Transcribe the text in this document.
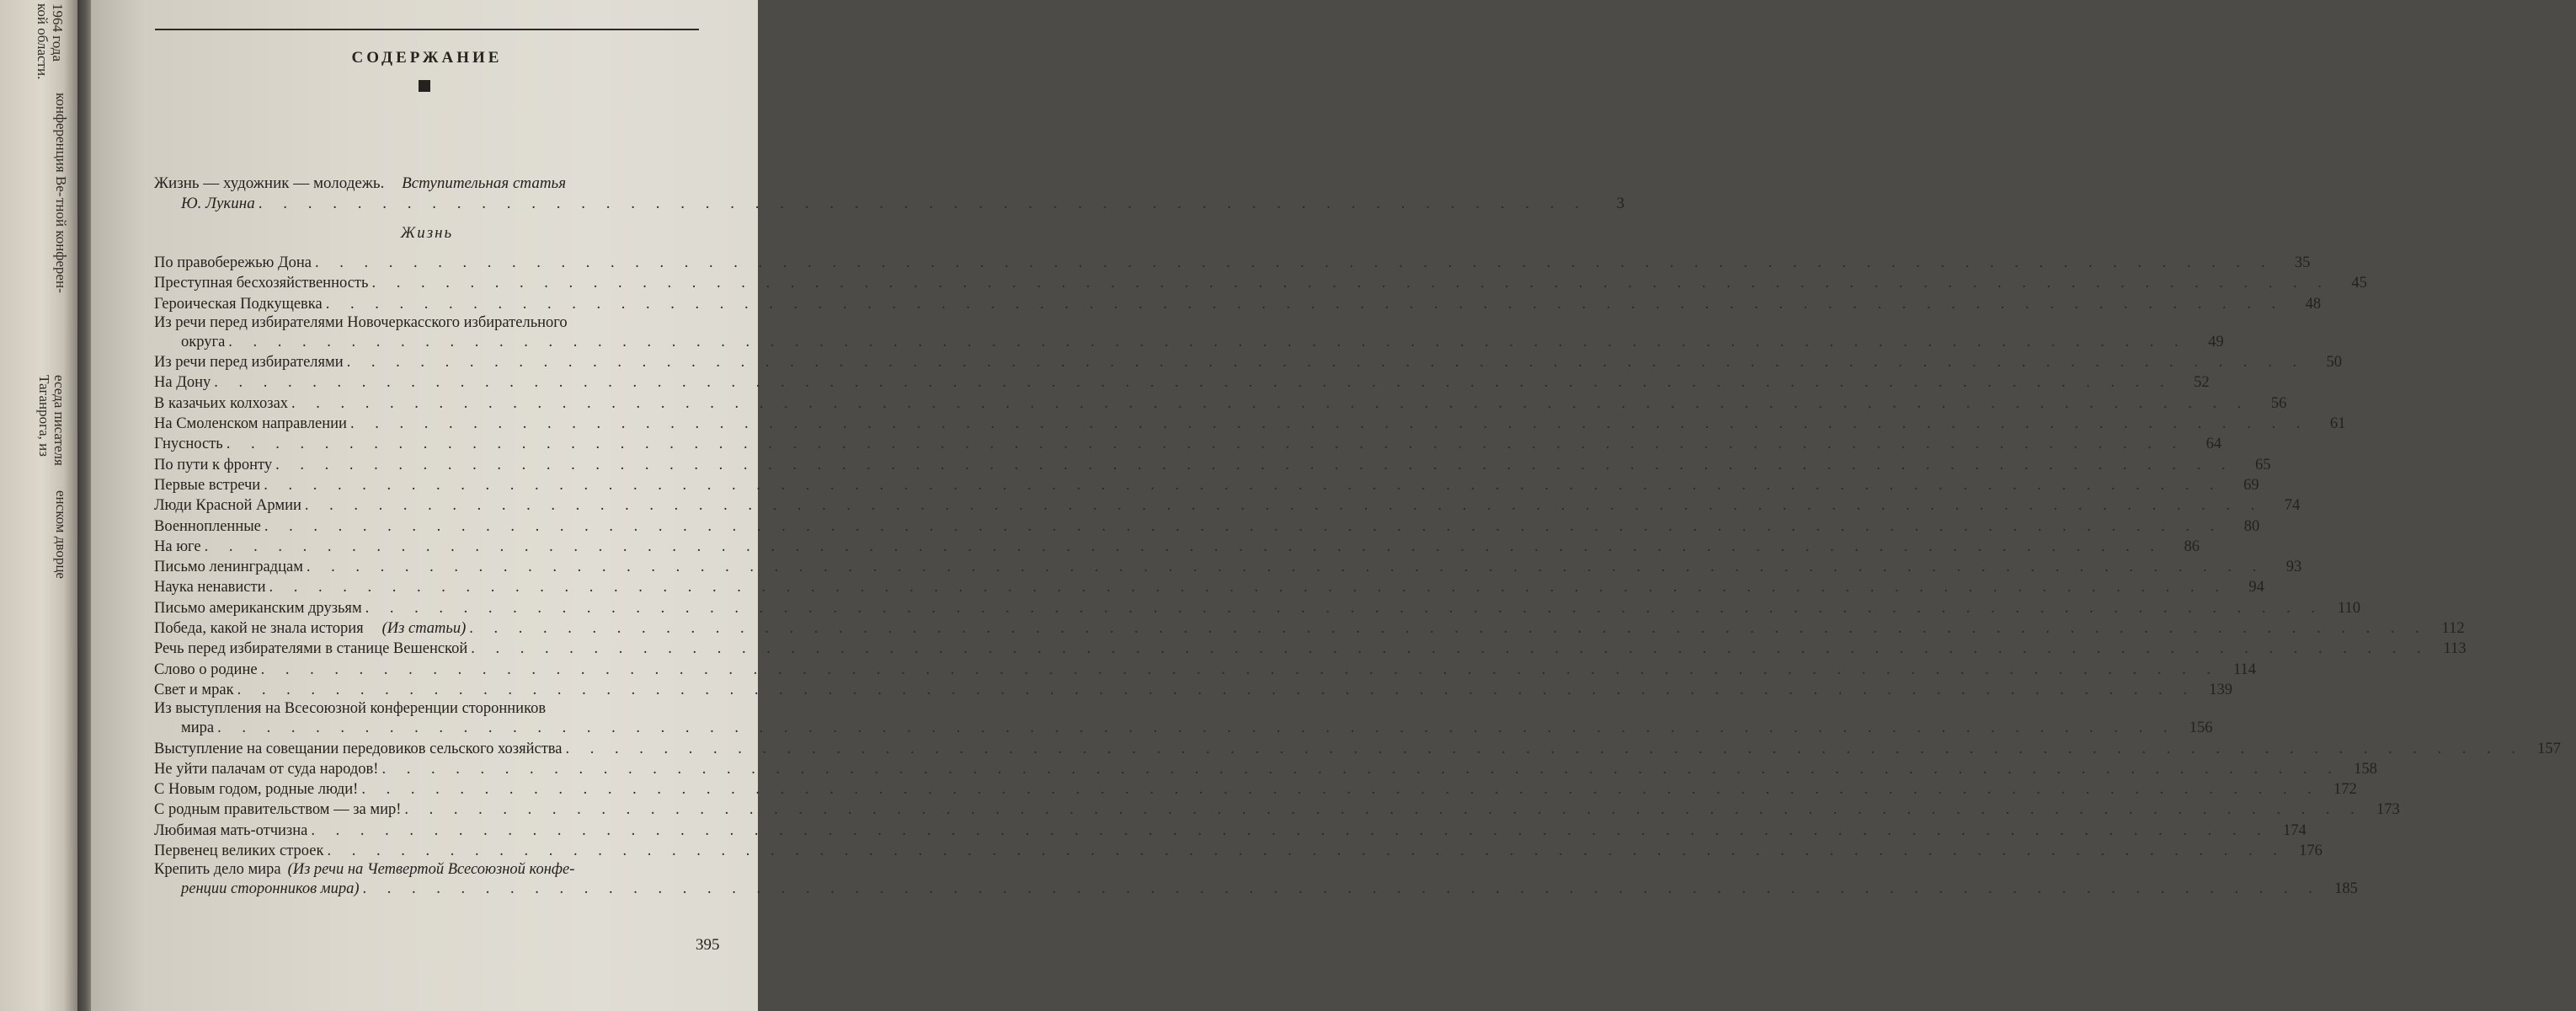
1964 года
кой области.
конференция Ве-
тной конферен-
еседа писателя
Таганрога, из
енском дворце
СОДЕРЖАНИЕ
Жизнь — художник — молодежь. Вступительная статья
Ю. Лукина . . . . . . . . . . . . . . . . . . . . . . . . . . . . . . . . . . . . . . . . . . . . . . . . . . . . . .	3
Жизнь
По правобережью Дона . . . . . . . . . . . . . . . . . . . . . . . . . . . . . . . . . . . . . . . . . . . . . . . . . . . . . . . . . . . . . . . . . . . . . . . . . . . . . . . .	35
Преступная бесхозяйственность . . . . . . . . . . . . . . . . . . . . . . . . . . . . . . . . . . . . . . . . . . . . . . . . . . . . . . . . . . . . . . . . . . . . . . . . . . . . . . . .	45
Героическая Подкущевка . . . . . . . . . . . . . . . . . . . . . . . . . . . . . . . . . . . . . . . . . . . . . . . . . . . . . . . . . . . . . . . . . . . . . . . . . . . . . . . .	48
Из речи перед избирателями Новочеркасского избирательного
округа . . . . . . . . . . . . . . . . . . . . . . . . . . . . . . . . . . . . . . . . . . . . . . . . . . . . . . . . . . . . . . . . . . . . . . . . . . . . . . . .	49
Из речи перед избирателями . . . . . . . . . . . . . . . . . . . . . . . . . . . . . . . . . . . . . . . . . . . . . . . . . . . . . . . . . . . . . . . . . . . . . . . . . . . . . . . .	50
На Дону . . . . . . . . . . . . . . . . . . . . . . . . . . . . . . . . . . . . . . . . . . . . . . . . . . . . . . . . . . . . . . . . . . . . . . . . . . . . . . . .	52
В казачьих колхозах . . . . . . . . . . . . . . . . . . . . . . . . . . . . . . . . . . . . . . . . . . . . . . . . . . . . . . . . . . . . . . . . . . . . . . . . . . . . . . . .	56
На Смоленском направлении . . . . . . . . . . . . . . . . . . . . . . . . . . . . . . . . . . . . . . . . . . . . . . . . . . . . . . . . . . . . . . . . . . . . . . . . . . . . . . . .	61
Гнусность . . . . . . . . . . . . . . . . . . . . . . . . . . . . . . . . . . . . . . . . . . . . . . . . . . . . . . . . . . . . . . . . . . . . . . . . . . . . . . . .	64
По пути к фронту . . . . . . . . . . . . . . . . . . . . . . . . . . . . . . . . . . . . . . . . . . . . . . . . . . . . . . . . . . . . . . . . . . . . . . . . . . . . . . . .	65
Первые встречи . . . . . . . . . . . . . . . . . . . . . . . . . . . . . . . . . . . . . . . . . . . . . . . . . . . . . . . . . . . . . . . . . . . . . . . . . . . . . . . .	69
Люди Красной Армии . . . . . . . . . . . . . . . . . . . . . . . . . . . . . . . . . . . . . . . . . . . . . . . . . . . . . . . . . . . . . . . . . . . . . . . . . . . . . . . .	74
Военнопленные . . . . . . . . . . . . . . . . . . . . . . . . . . . . . . . . . . . . . . . . . . . . . . . . . . . . . . . . . . . . . . . . . . . . . . . . . . . . . . . .	80
На юге . . . . . . . . . . . . . . . . . . . . . . . . . . . . . . . . . . . . . . . . . . . . . . . . . . . . . . . . . . . . . . . . . . . . . . . . . . . . . . . .	86
Письмо ленинградцам . . . . . . . . . . . . . . . . . . . . . . . . . . . . . . . . . . . . . . . . . . . . . . . . . . . . . . . . . . . . . . . . . . . . . . . . . . . . . . . .	93
Наука ненависти . . . . . . . . . . . . . . . . . . . . . . . . . . . . . . . . . . . . . . . . . . . . . . . . . . . . . . . . . . . . . . . . . . . . . . . . . . . . . . . .	94
Письмо американским друзьям . . . . . . . . . . . . . . . . . . . . . . . . . . . . . . . . . . . . . . . . . . . . . . . . . . . . . . . . . . . . . . . . . . . . . . . . . . . . . . . . 110
Победа, какой не знала история (Из статьи) . . . . . . . . . . . . . . . . . . . . . . . . . . . . . . . . . . . . . . . . . . . . . . . . . . . . . . . . . . . . . . . . . . . . . . . . . . . . . . . . 112
Речь перед избирателями в станице Вешенской . . . . . . . . . . . . . . . . . . . . . . . . . . . . . . . . . . . . . . . . . . . . . . . . . . . . . . . . . . . . . . . . . . . . . . . . . . . . . . . . 113
Слово о родине . . . . . . . . . . . . . . . . . . . . . . . . . . . . . . . . . . . . . . . . . . . . . . . . . . . . . . . . . . . . . . . . . . . . . . . . . . . . . . . . 114
Свет и мрак . . . . . . . . . . . . . . . . . . . . . . . . . . . . . . . . . . . . . . . . . . . . . . . . . . . . . . . . . . . . . . . . . . . . . . . . . . . . . . . . 139
Из выступления на Всесоюзной конференции сторонников
мира . . . . . . . . . . . . . . . . . . . . . . . . . . . . . . . . . . . . . . . . . . . . . . . . . . . . . . . . . . . . . . . . . . . . . . . . . . . . . . . . 156
Выступление на совещании передовиков сельского хозяйства . . . . . . . . . . . . . . . . . . . . . . . . . . . . . . . . . . . . . . . . . . . . . . . . . . . . . . . . . . . . . . . . . . . . . . . . . . . . . . . . 157
Не уйти палачам от суда народов! . . . . . . . . . . . . . . . . . . . . . . . . . . . . . . . . . . . . . . . . . . . . . . . . . . . . . . . . . . . . . . . . . . . . . . . . . . . . . . . . 158
С Новым годом, родные люди! . . . . . . . . . . . . . . . . . . . . . . . . . . . . . . . . . . . . . . . . . . . . . . . . . . . . . . . . . . . . . . . . . . . . . . . . . . . . . . . . 172
С родным правительством — за мир! . . . . . . . . . . . . . . . . . . . . . . . . . . . . . . . . . . . . . . . . . . . . . . . . . . . . . . . . . . . . . . . . . . . . . . . . . . . . . . . . 173
Любимая мать-отчизна . . . . . . . . . . . . . . . . . . . . . . . . . . . . . . . . . . . . . . . . . . . . . . . . . . . . . . . . . . . . . . . . . . . . . . . . . . . . . . . . 174
Первенец великих строек . . . . . . . . . . . . . . . . . . . . . . . . . . . . . . . . . . . . . . . . . . . . . . . . . . . . . . . . . . . . . . . . . . . . . . . . . . . . . . . . 176
Крепить дело мира (Из речи на Четвертой Всесоюзной конфе-
ренции сторонников мира) . . . . . . . . . . . . . . . . . . . . . . . . . . . . . . . . . . . . . . . . . . . . . . . . . . . . . . . . . . . . . . . . . . . . . . . . . . . . . . . . 185
395
